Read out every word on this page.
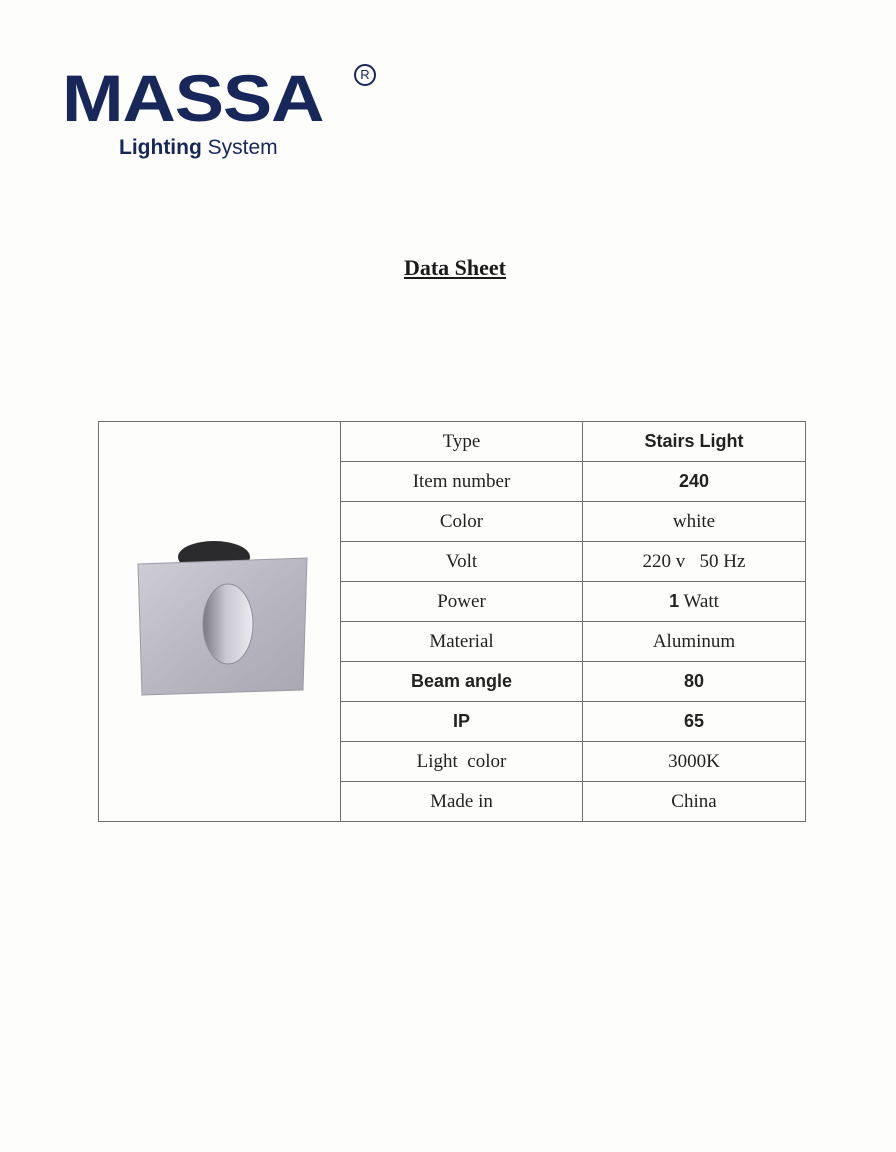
MASSA	R
Lighting System
Data Sheet
	Type	Stairs Light
	Item number	240
	Color	white
	Volt	220 v   50 Hz
	Power	1 Watt
	Material	Aluminum
	Beam angle	80
	IP	65
	Light  color	3000K
	Made in	China
